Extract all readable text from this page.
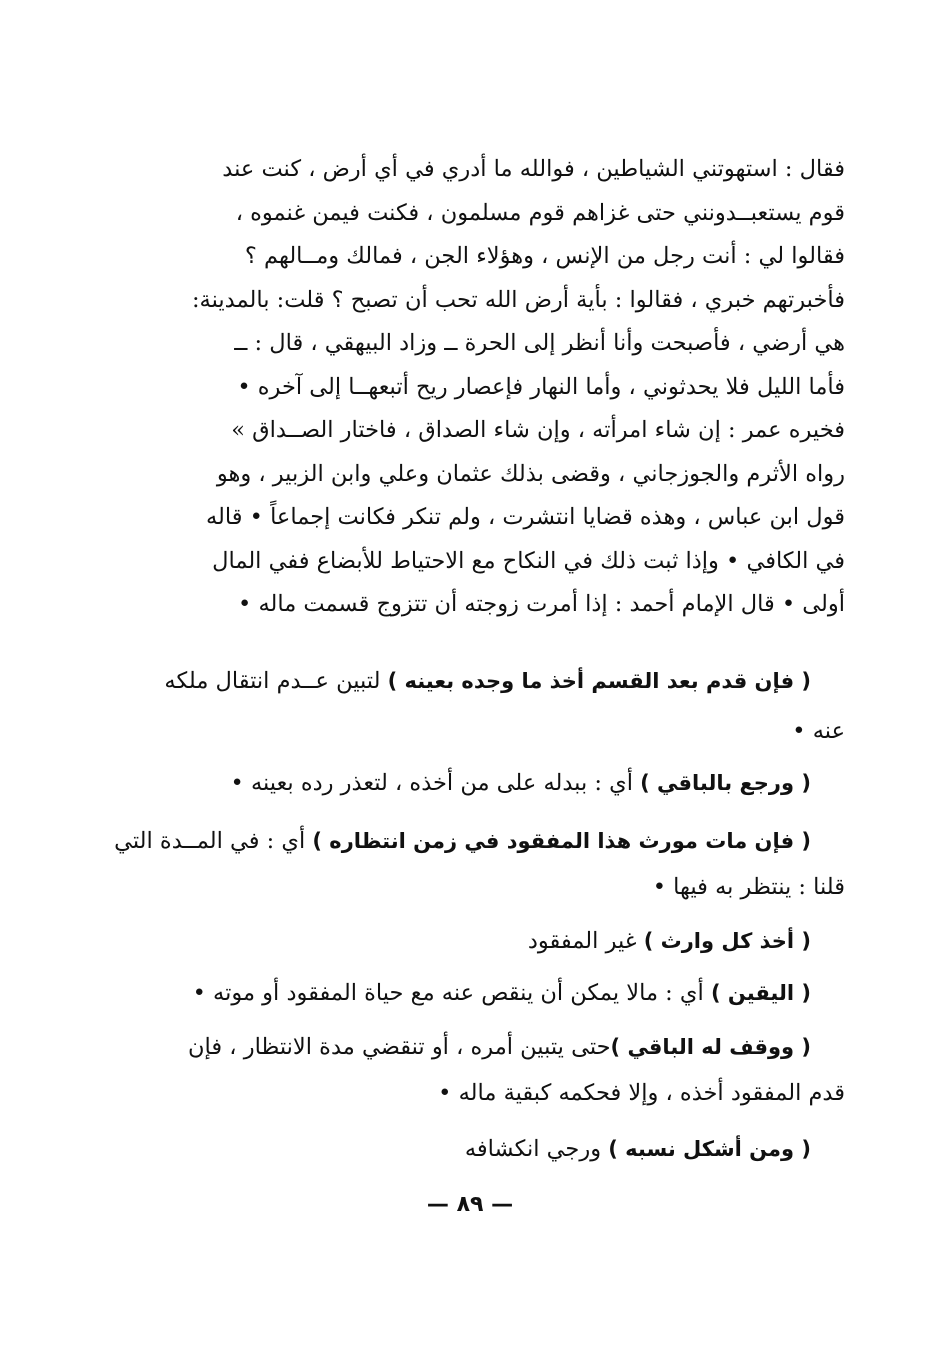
فقال : استهوتني الشياطين ، فوالله ما أدري في أي أرض ، كنت عند
قوم يستعبــدونني حتى غزاهم قوم مسلمون ، فكنت فيمن غنموه ،
فقالوا لي : أنت رجل من الإنس ، وهؤلاء الجن ، فمالك ومــالهم ؟
فأخبرتهم خبري ، فقالوا : بأية أرض الله تحب أن تصبح ؟ قلت: بالمدينة:
هي أرضي ، فأصبحت وأنا أنظر إلى الحرة ــ وزاد البيهقي ، قال : ــ
فأما الليل فلا يحدثوني ، وأما النهار فإعصار ريح أتبعهــا إلى آخره •
فخيره عمر : إن شاء امرأته ، وإن شاء الصداق ، فاختار الصــداق »
رواه الأثرم والجوزجاني ، وقضى بذلك عثمان وعلي وابن الزبير ، وهو
قول ابن عباس ، وهذه قضايا انتشرت ، ولم تنكر فكانت إجماعاً • قاله
في الكافي • وإذا ثبت ذلك في النكاح مع الاحتياط للأبضاع ففي المال
أولى • قال الإمام أحمد : إذا أمرت زوجته أن تتزوج قسمت ماله •
( فإن قدم بعد القسم أخذ ما وجده بعينه ) لتبين عــدم انتقال ملكه
عنه •
( ورجع بالباقي ) أي : ببدله على من أخذه ، لتعذر رده بعينه •
( فإن مات مورث هذا المفقود في زمن انتظاره ) أي : في المــدة التي
قلنا : ينتظر به فيها •
( أخذ كل وارث ) غير المفقود
( اليقين ) أي : مالا يمكن أن ينقص عنه مع حياة المفقود أو موته •
( ووقف له الباقي )حتى يتبين أمره ، أو تنقضي مدة الانتظار ، فإن
قدم المفقود أخذه ، وإلا فحكمه كبقية ماله •
( ومن أشكل نسبه ) ورجي انكشافه
— ٨٩ —
